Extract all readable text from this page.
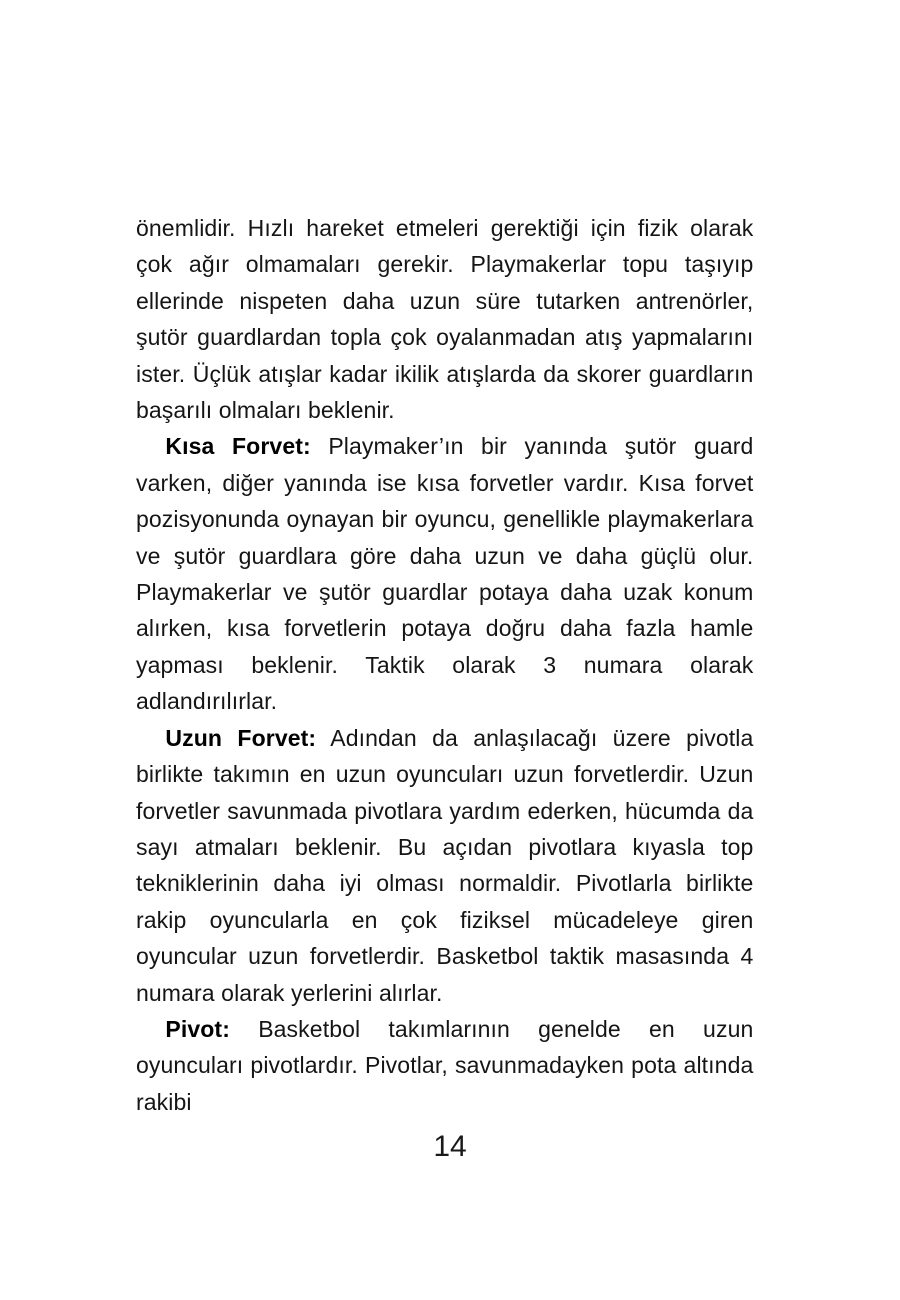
önemlidir. Hızlı hareket etmeleri gerektiği için fizik olarak çok ağır olmamaları gerekir. Playmakerlar topu taşıyıp ellerinde nispeten daha uzun süre tutarken antrenörler, şutör guardlardan topla çok oyalanmadan atış yapmalarını ister. Üçlük atışlar kadar ikilik atışlarda da skorer guardların başarılı olmaları beklenir.

Kısa Forvet: Playmaker’ın bir yanında şutör guard varken, diğer yanında ise kısa forvetler vardır. Kısa forvet pozisyonunda oynayan bir oyuncu, genellikle playmakerlara ve şutör guardlara göre daha uzun ve daha güçlü olur. Playmakerlar ve şutör guardlar potaya daha uzak konum alırken, kısa forvetlerin potaya doğru daha fazla hamle yapması beklenir. Taktik olarak 3 numara olarak adlandırılırlar.

Uzun Forvet: Adından da anlaşılacağı üzere pivotla birlikte takımın en uzun oyuncuları uzun forvetlerdir. Uzun forvetler savunmada pivotlara yardım ederken, hücumda da sayı atmaları beklenir. Bu açıdan pivotlara kıyasla top tekniklerinin daha iyi olması normaldir. Pivotlarla birlikte rakip oyuncularla en çok fiziksel mücadeleye giren oyuncular uzun forvetlerdir. Basketbol taktik masasında 4 numara olarak yerlerini alırlar.

Pivot: Basketbol takımlarının genelde en uzun oyuncuları pivotlardır. Pivotlar, savunmadayken pota altında rakibi

14
